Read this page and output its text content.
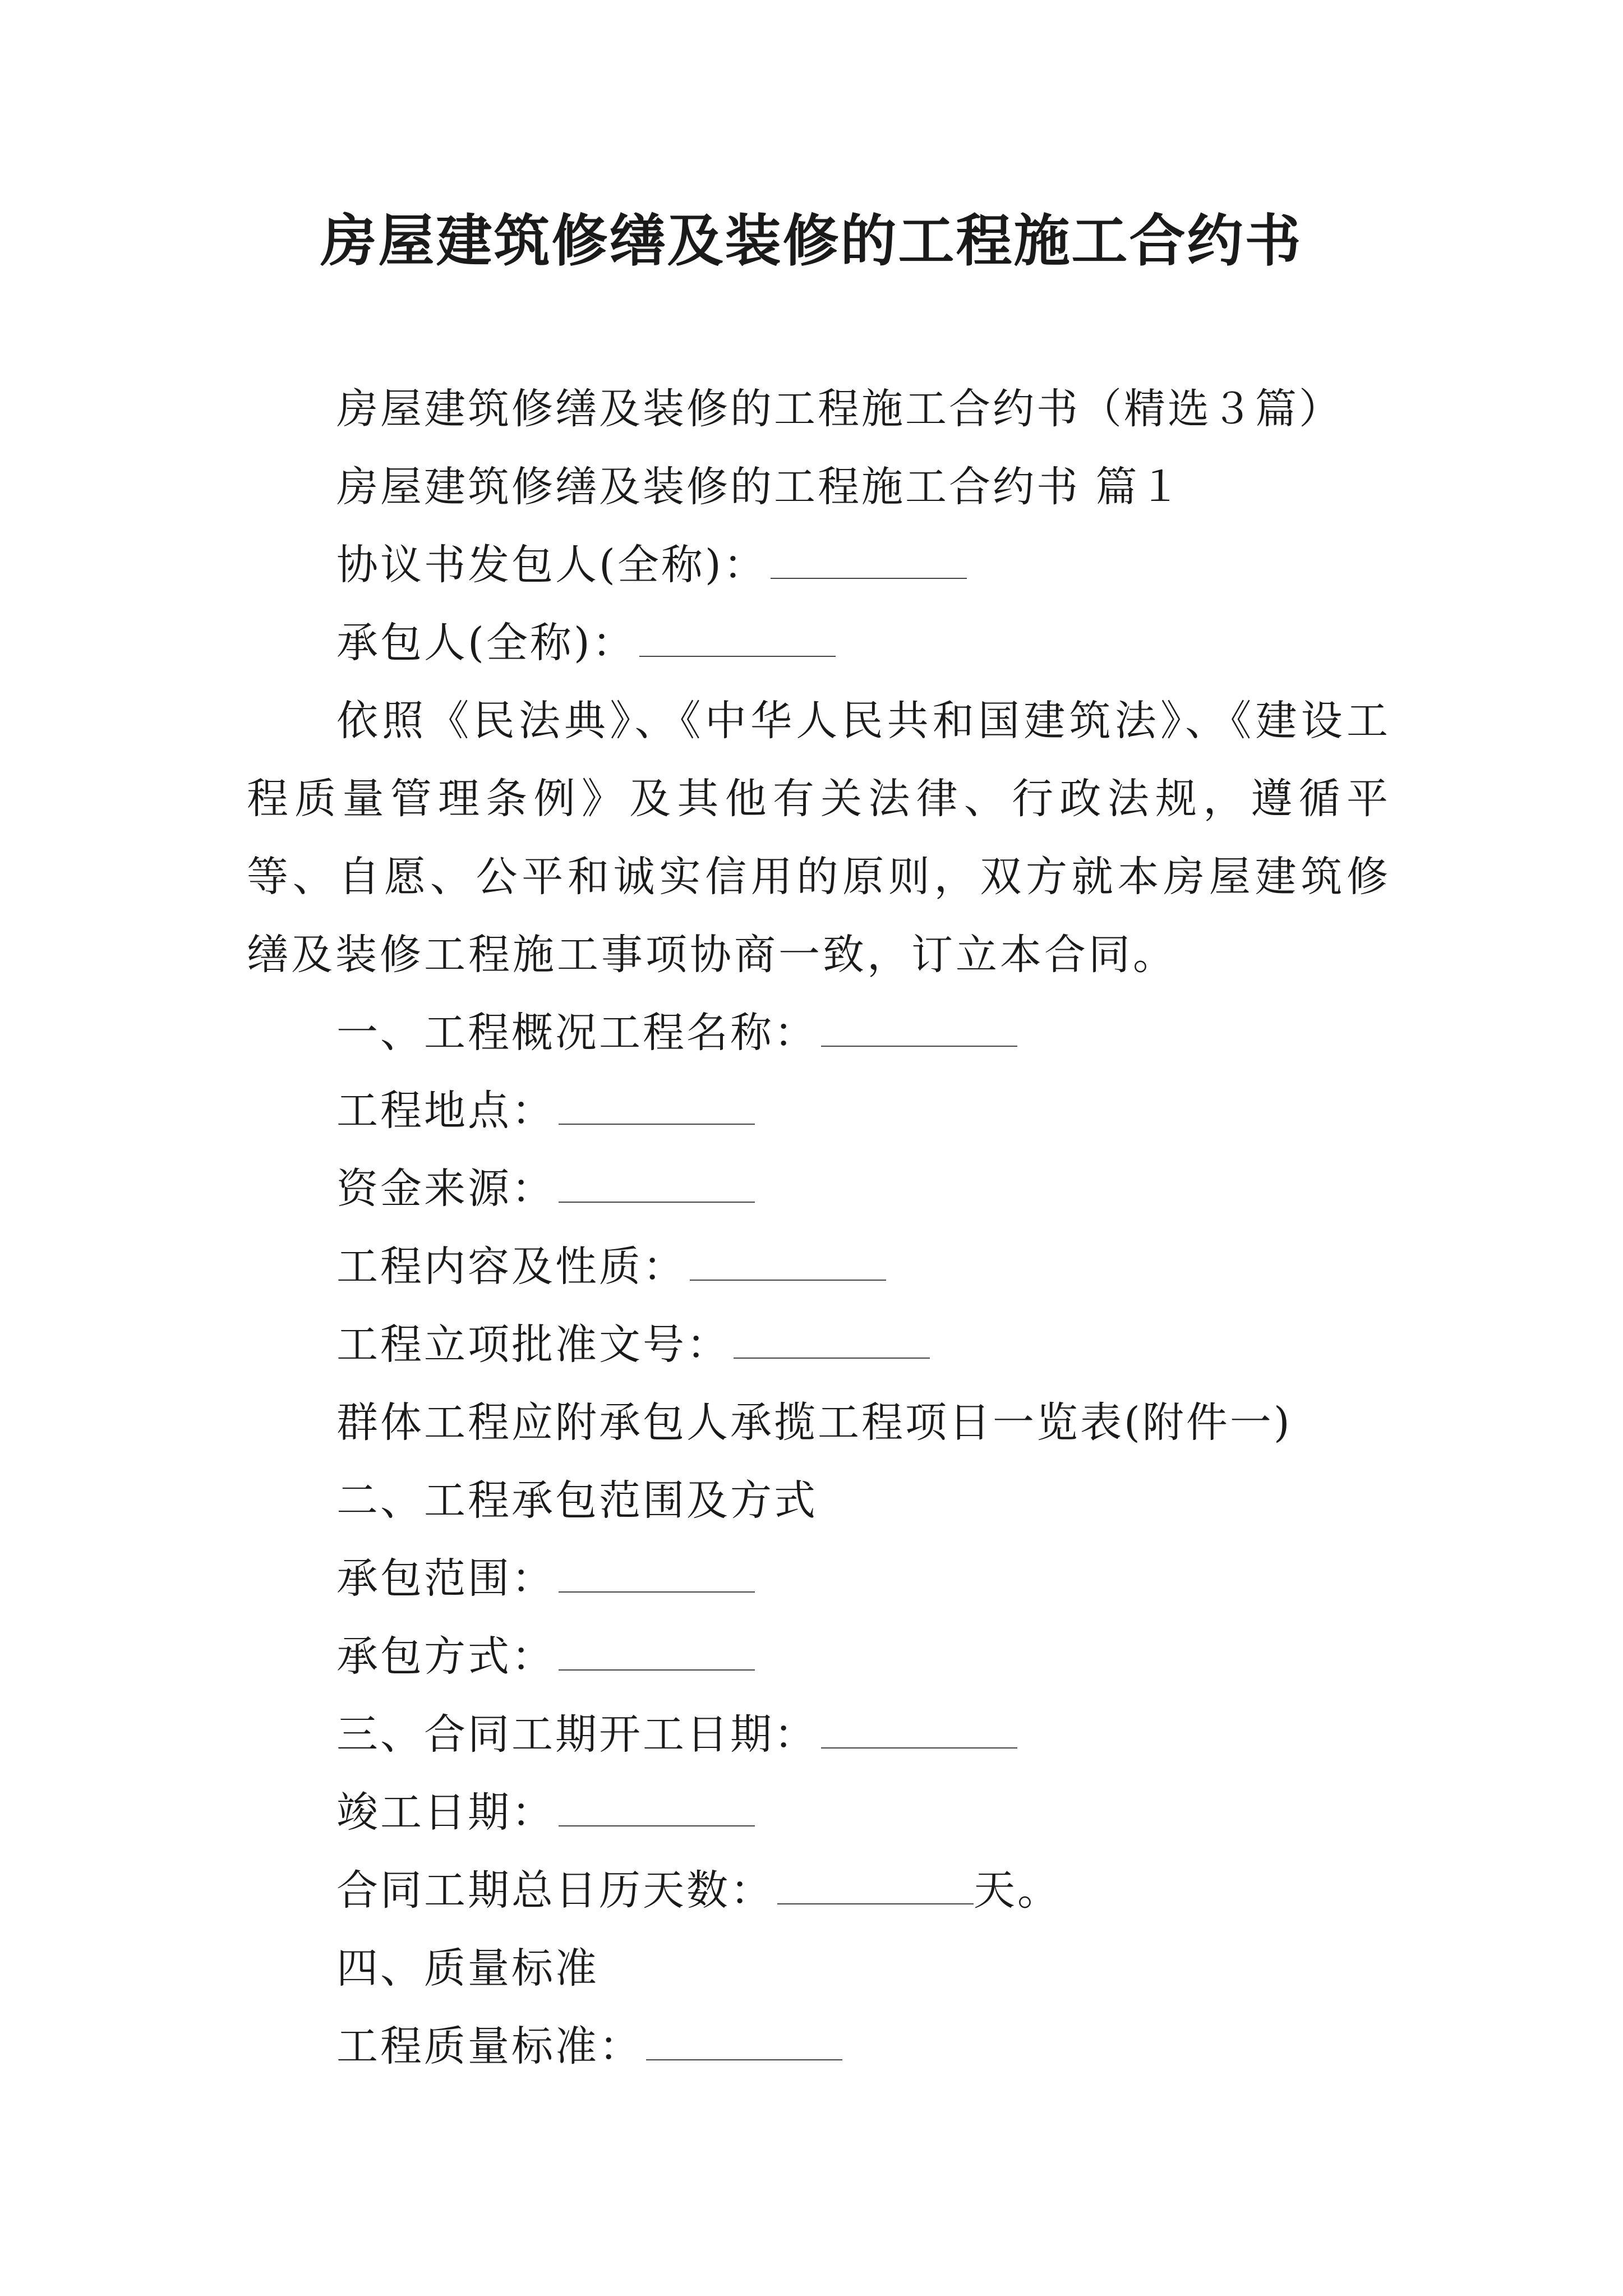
房屋建筑修缮及装修的工程施工合约书

房屋建筑修缮及装修的工程施工合约书（精选３篇）

房屋建筑修缮及装修的工程施工合约书 篇１

协议书发包人(全称)：

承包人(全称)：

依照《民法典》、《中华人民共和国建筑法》、《建设工程质量管理条例》及其他有关法律、行政法规，遵循平等、自愿、公平和诚实信用的原则，双方就本房屋建筑修缮及装修工程施工事项协商一致，订立本合同。

一、工程概况工程名称：

工程地点：

资金来源：

工程内容及性质：

工程立项批准文号：

群体工程应附承包人承揽工程项日一览表(附件一)

二、工程承包范围及方式

承包范围：

承包方式：

三、合同工期开工日期：

竣工日期：

合同工期总日历天数：	天。

四、质量标准

工程质量标准：
